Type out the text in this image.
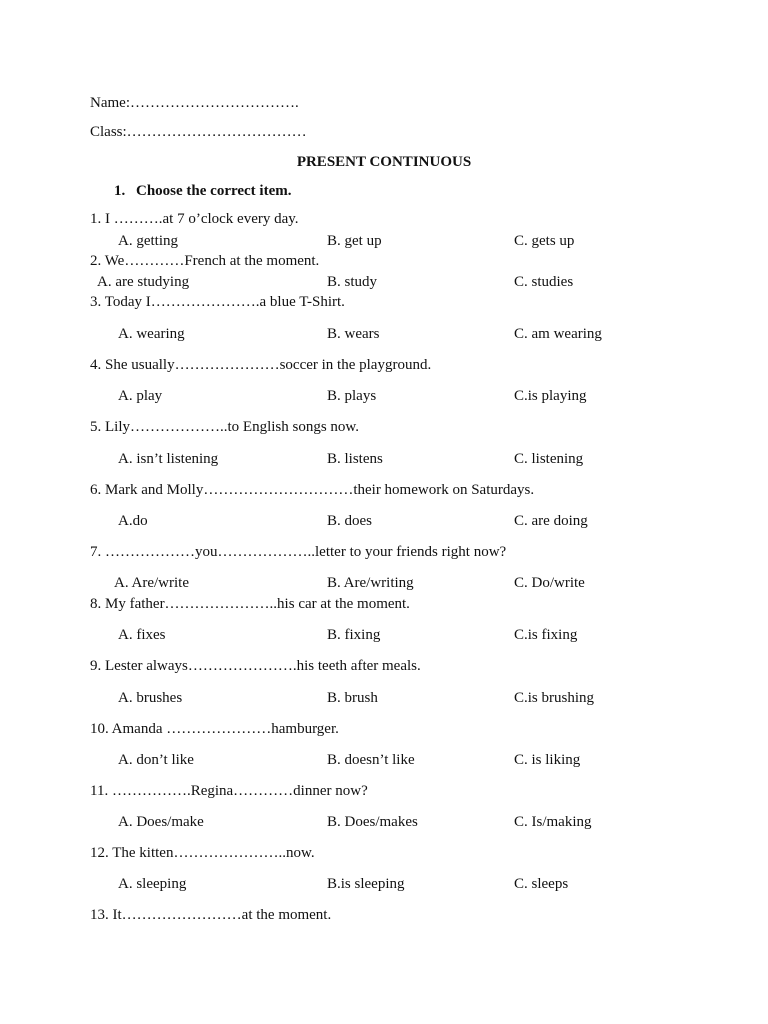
Name:…………………………….
Class:………………………………
PRESENT CONTINUOUS
1. Choose the correct item.
1. I ……….at 7 o’clock every day.
A. getting	B. get up	C. gets up
2. We…………French at the moment.
A. are studying	B. study	C. studies
3. Today I………………….a blue T-Shirt.
A. wearing	B. wears	C. am wearing
4. She usually…………………soccer in the playground.
A. play	B. plays	C.is playing
5. Lily………………..to English songs now.
A. isn’t listening	B. listens	C. listening
6. Mark and Molly…………………………their homework on Saturdays.
A.do	B. does	C. are doing
7. ………………you………………..letter to your friends right now?
A. Are/write	B. Are/writing	C. Do/write
8. My father…………………..his car at the moment.
A. fixes	B. fixing	C.is fixing
9. Lester always………………….his teeth after meals.
A. brushes	B. brush	C.is brushing
10. Amanda …………………hamburger.
A. don’t like	B. doesn’t like	C. is liking
11. …………….Regina…………dinner now?
A. Does/make	B. Does/makes	C. Is/making
12. The kitten…………………..now.
A. sleeping	B.is sleeping	C. sleeps
13. It……………………at the moment.
